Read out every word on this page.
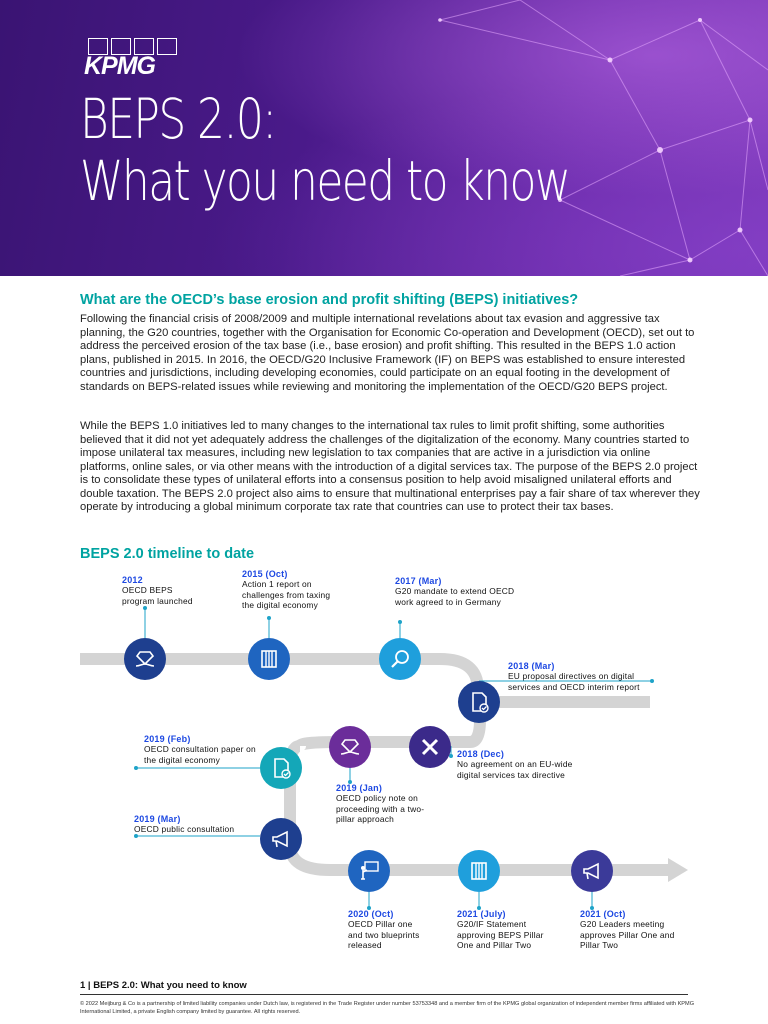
KPMG
BEPS 2.0:
What you need to know
What are the OECD’s base erosion and profit shifting (BEPS) initiatives?

Following the financial crisis of 2008/2009 and multiple international revelations about tax evasion and aggressive tax planning, the G20 countries, together with the Organisation for Economic Co-operation and Development (OECD), set out to address the perceived erosion of the tax base (i.e., base erosion) and profit shifting. This resulted in the BEPS 1.0 action plans, published in 2015. In 2016, the OECD/G20 Inclusive Framework (IF) on BEPS was established to ensure interested countries and jurisdictions, including developing economies, could participate on an equal footing in the development of standards on BEPS-related issues while reviewing and monitoring the implementation of the OECD/G20 BEPS project.

While the BEPS 1.0 initiatives led to many changes to the international tax rules to limit profit shifting, some authorities believed that it did not yet adequately address the challenges of the digitalization of the economy. Many countries started to impose unilateral tax measures, including new legislation to tax companies that are active in a jurisdiction via online platforms, online sales, or via other means with the introduction of a digital services tax. The purpose of the BEPS 2.0 project is to consolidate these types of unilateral efforts into a consensus position to help avoid misaligned unilateral efforts and double taxation. The BEPS 2.0 project also aims to ensure that multinational enterprises pay a fair share of tax wherever they operate by introducing a global minimum corporate tax rate that countries can use to protect their tax bases.

BEPS 2.0 timeline to date
2012
OECD BEPS program launched
2015 (Oct)
Action 1 report on challenges from taxing the digital economy
2017 (Mar)
G20 mandate to extend OECD work agreed to in Germany
2018 (Mar)
EU proposal directives on digital services and OECD interim report
2018 (Dec)
No agreement on an EU-wide digital services tax directive
2019 (Jan)
OECD policy note on proceeding with a two-pillar approach
2019 (Feb)
OECD consultation paper on the digital economy
2019 (Mar)
OECD public consultation
2020 (Oct)
OECD Pillar one and two blueprints released
2021 (July)
G20/IF Statement approving BEPS Pillar One and Pillar Two
2021 (Oct)
G20 Leaders meeting approves Pillar One and Pillar Two
1 | BEPS 2.0: What you need to know

© 2022 Meijburg & Co is a partnership of limited liability companies under Dutch law, is registered in the Trade Register under number 53753348 and a member firm of the KPMG global organization of independent member firms affiliated with KPMG International Limited, a private English company limited by guarantee. All rights reserved.
